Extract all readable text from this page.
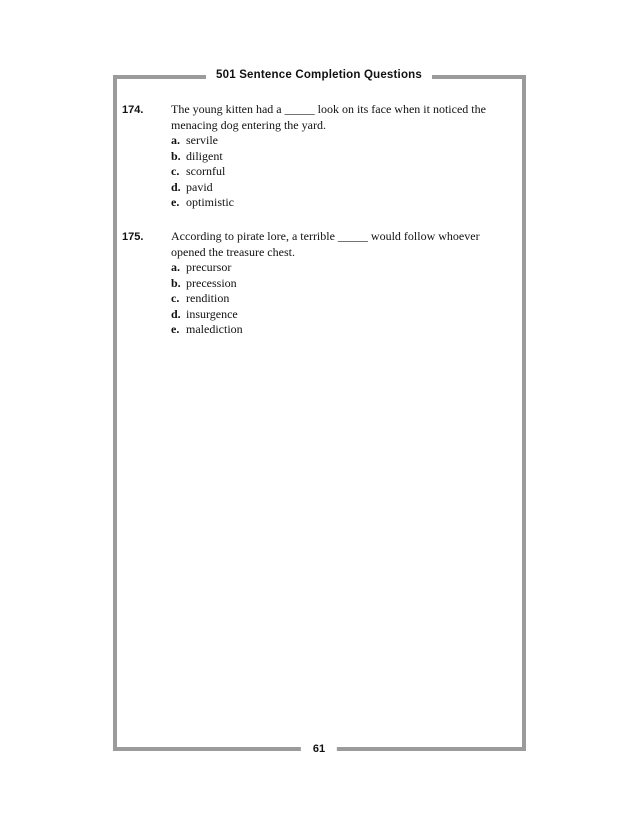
501 Sentence Completion Questions
174. The young kitten had a _____ look on its face when it noticed the menacing dog entering the yard.

a. servile
b. diligent
c. scornful
d. pavid
e. optimistic
175. According to pirate lore, a terrible _____ would follow whoever opened the treasure chest.

a. precursor
b. precession
c. rendition
d. insurgence
e. malediction
61
